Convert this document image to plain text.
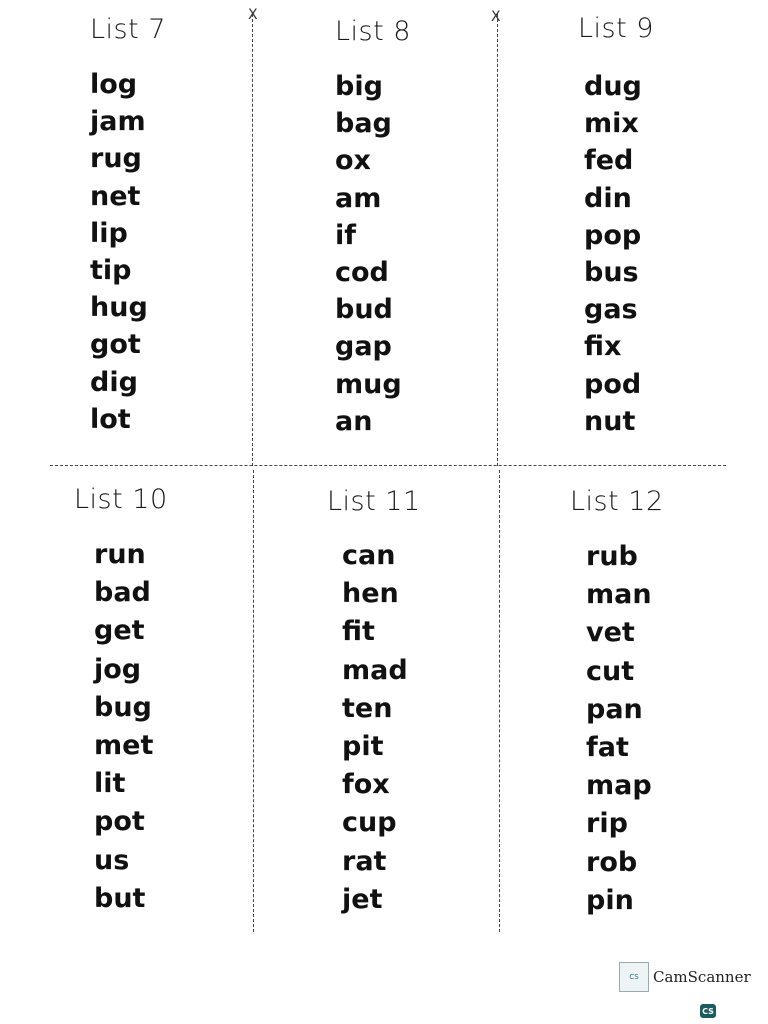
X	X
List 7
log
jam
rug
net
lip
tip
hug
got
dig
lot
List 8
big
bag
ox
am
if
cod
bud
gap
mug
an
List 9
dug
mix
fed
din
pop
bus
gas
fix
pod
nut
List 10
run
bad
get
jog
bug
met
lit
pot
us
but
List 11
can
hen
fit
mad
ten
pit
fox
cup
rat
jet
List 12
rub
man
vet
cut
pan
fat
map
rip
rob
pin
CS CamScanner
CS
